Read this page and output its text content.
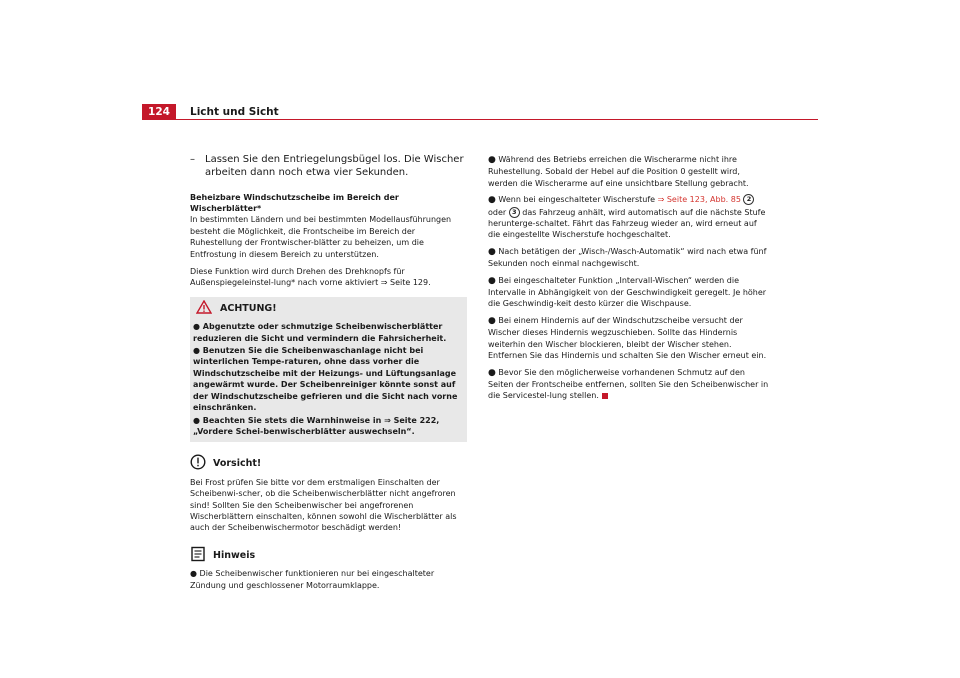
124	Licht und Sicht
– Lassen Sie den Entriegelungsbügel los. Die Wischer arbeiten dann noch etwa vier Sekunden.

Beheizbare Windschutzscheibe im Bereich der Wischerblätter*

In bestimmten Ländern und bei bestimmten Modellausführungen besteht die Möglichkeit, die Frontscheibe im Bereich der Ruhestellung der Frontwischer-blätter zu beheizen, um die Entfrostung in diesem Bereich zu unterstützen.

Diese Funktion wird durch Drehen des Drehknopfs für Außenspiegeleinstel-lung* nach vorne aktiviert ⇒ Seite 129.

ACHTUNG!
● Abgenutzte oder schmutzige Scheibenwischerblätter reduzieren die Sicht und vermindern die Fahrsicherheit.
● Benutzen Sie die Scheibenwaschanlage nicht bei winterlichen Tempe-raturen, ohne dass vorher die Windschutzscheibe mit der Heizungs- und Lüftungsanlage angewärmt wurde. Der Scheibenreiniger könnte sonst auf der Windschutzscheibe gefrieren und die Sicht nach vorne einschränken.
● Beachten Sie stets die Warnhinweise in ⇒ Seite 222, „Vordere Schei-benwischerblätter auswechseln“.
Vorsicht!

Bei Frost prüfen Sie bitte vor dem erstmaligen Einschalten der Scheibenwi-scher, ob die Scheibenwischerblätter nicht angefroren sind! Sollten Sie den Scheibenwischer bei angefrorenen Wischerblättern einschalten, können sowohl die Wischerblätter als auch der Scheibenwischermotor beschädigt werden!

Hinweis

● Die Scheibenwischer funktionieren nur bei eingeschalteter Zündung und geschlossener Motorraumklappe.

● Während des Betriebs erreichen die Wischerarme nicht ihre Ruhestellung. Sobald der Hebel auf die Position 0 gestellt wird, werden die Wischerarme auf eine unsichtbare Stellung gebracht.

● Wenn bei eingeschalteter Wischerstufe ⇒ Seite 123, Abb. 85 2 oder 3 das Fahrzeug anhält, wird automatisch auf die nächste Stufe herunterge-schaltet. Fährt das Fahrzeug wieder an, wird erneut auf die eingestellte Wischerstufe hochgeschaltet.

● Nach betätigen der „Wisch-/Wasch-Automatik“ wird nach etwa fünf Sekunden noch einmal nachgewischt.

● Bei eingeschalteter Funktion „Intervall-Wischen“ werden die Intervalle in Abhängigkeit von der Geschwindigkeit geregelt. Je höher die Geschwindig-keit desto kürzer die Wischpause.

● Bei einem Hindernis auf der Windschutzscheibe versucht der Wischer dieses Hindernis wegzuschieben. Sollte das Hindernis weiterhin den Wischer blockieren, bleibt der Wischer stehen. Entfernen Sie das Hindernis und schalten Sie den Wischer erneut ein.

● Bevor Sie den möglicherweise vorhandenen Schmutz auf den Seiten der Frontscheibe entfernen, sollten Sie den Scheibenwischer in die Servicestel-lung stellen.
